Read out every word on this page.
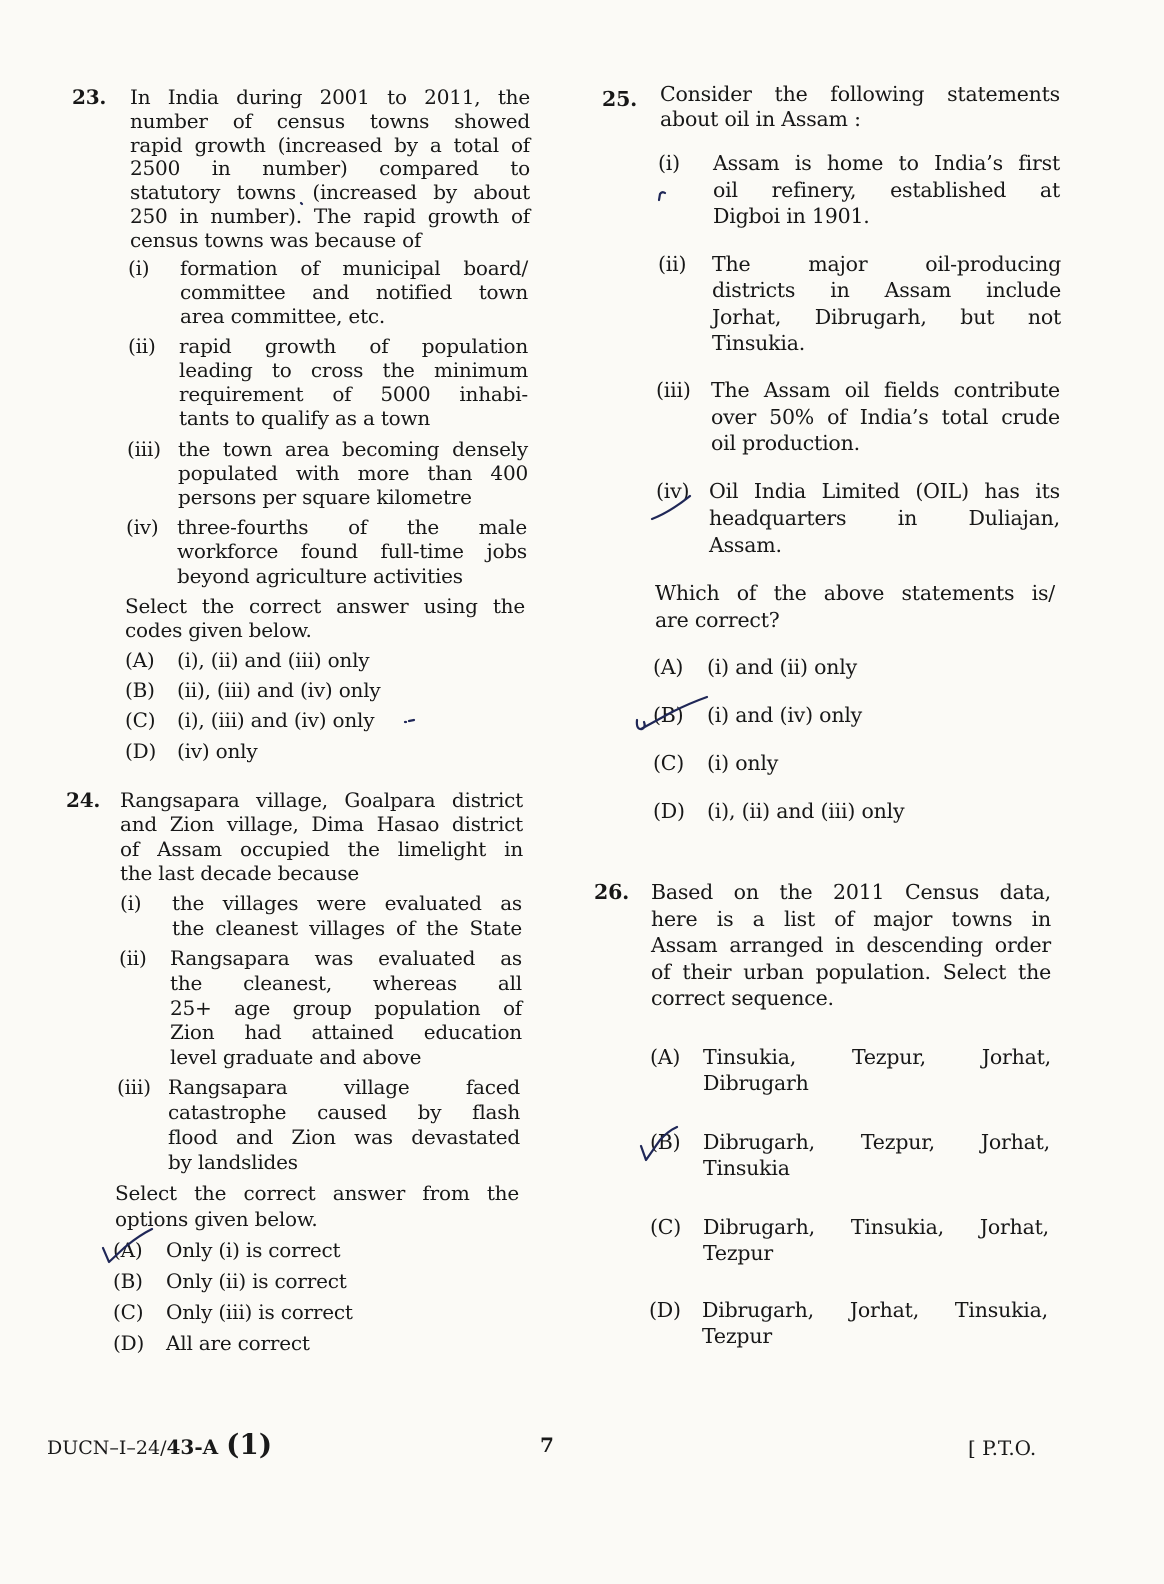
23.	In India during 2001 to 2011, the
number of census towns showed
rapid growth (increased by a total of
2500 in number) compared to
statutory towns (increased by about
250 in number). The rapid growth of
census towns was because of
(i)	formation of municipal board/
committee and notified town
area committee, etc.
(ii)	rapid growth of population
leading to cross the minimum
requirement of 5000 inhabi-
tants to qualify as a town
(iii) the town area becoming densely
populated with more than 400
persons per square kilometre
(iv) three-fourths of the male
workforce found full-time jobs
beyond agriculture activities
Select the correct answer using the
codes given below.
(A)	(i), (ii) and (iii) only
(B)	(ii), (iii) and (iv) only
(C)	(i), (iii) and (iv) only
(D)	(iv) only
24. Rangsapara village, Goalpara district
and Zion village, Dima Hasao district
of Assam occupied the limelight in
the last decade because
(i)	the villages were evaluated as
the cleanest villages of the State
(ii)	Rangsapara was evaluated as
the cleanest, whereas all
25+ age group population of
Zion had attained education
level graduate and above
(iii) Rangsapara village faced
catastrophe caused by flash
flood and Zion was devastated
by landslides
Select the correct answer from the
options given below.
(A)	Only (i) is correct
(B)	Only (ii) is correct
(C)	Only (iii) is correct
(D)	All are correct
25.	Consider the following statements
about oil in Assam :
(i)	Assam is home to India’s first
oil refinery, established at
Digboi in 1901.
(ii)	The major oil-producing
districts in Assam include
Jorhat, Dibrugarh, but not
Tinsukia.
(iii) The Assam oil fields contribute
over 50% of India’s total crude
oil production.
(iv) Oil India Limited (OIL) has its
headquarters in Duliajan,
Assam.
Which of the above statements is/
are correct?
(A)	(i) and (ii) only
(B)	(i) and (iv) only
(C)	(i) only
(D)	(i), (ii) and (iii) only
26.	Based on the 2011 Census data,
here is a list of major towns in
Assam arranged in descending order
of their urban population. Select the
correct sequence.
(A)	Tinsukia, Tezpur, Jorhat,
Dibrugarh
(B)	Dibrugarh, Tezpur, Jorhat,
Tinsukia
(C)	Dibrugarh, Tinsukia, Jorhat,
Tezpur
(D)	Dibrugarh, Jorhat, Tinsukia,
Tezpur
DUCN–I–24/ 43-A (1)	7	[ P.T.O.
